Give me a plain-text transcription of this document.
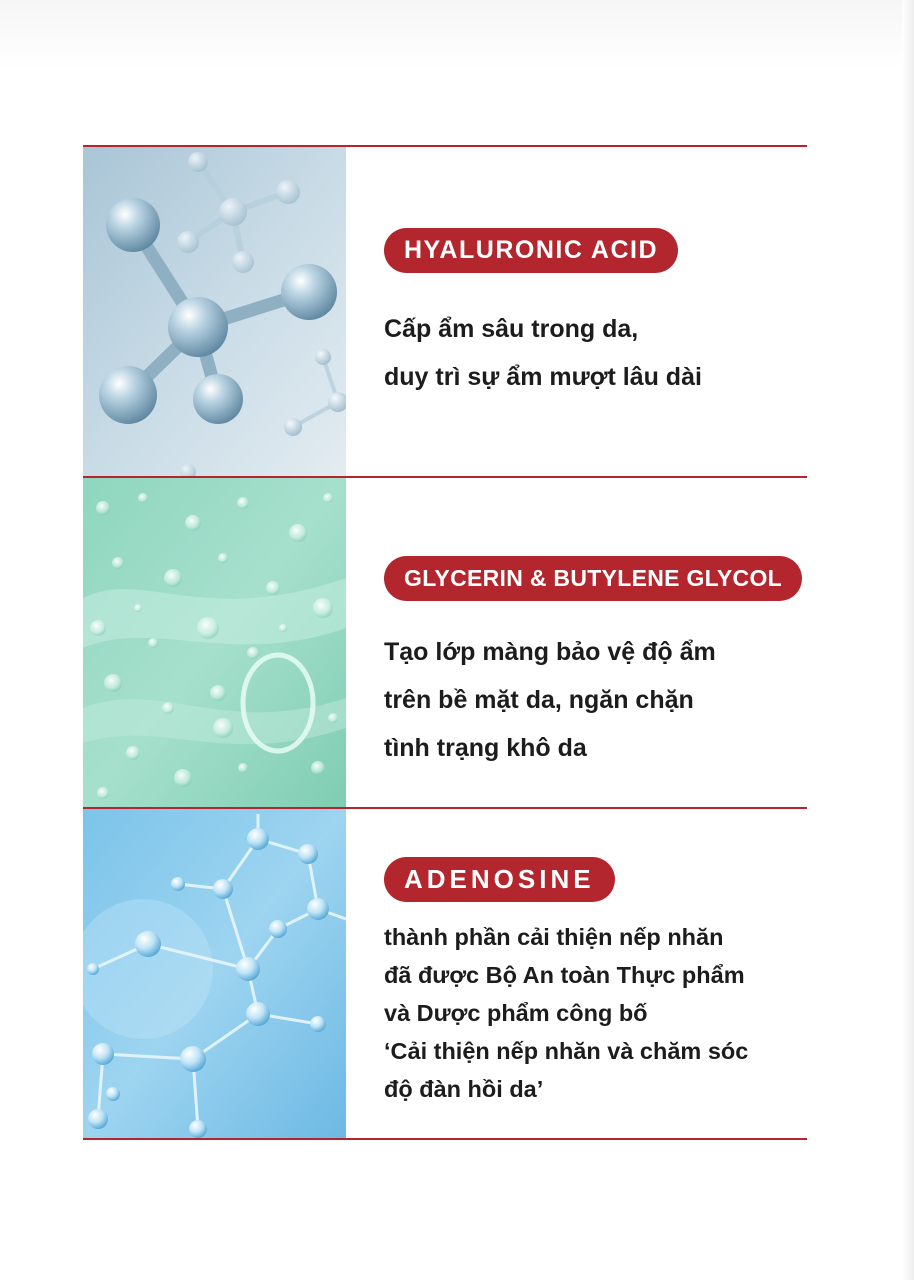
HYALURONIC ACID

Cấp ẩm sâu trong da,
duy trì sự ẩm mượt lâu dài

GLYCERIN & BUTYLENE GLYCOL

Tạo lớp màng bảo vệ độ ẩm
trên bề mặt da, ngăn chặn
tình trạng khô da

ADENOSINE

thành phần cải thiện nếp nhăn
đã được Bộ An toàn Thực phẩm
và Dược phẩm công bố
‘Cải thiện nếp nhăn và chăm sóc
độ đàn hồi da’
